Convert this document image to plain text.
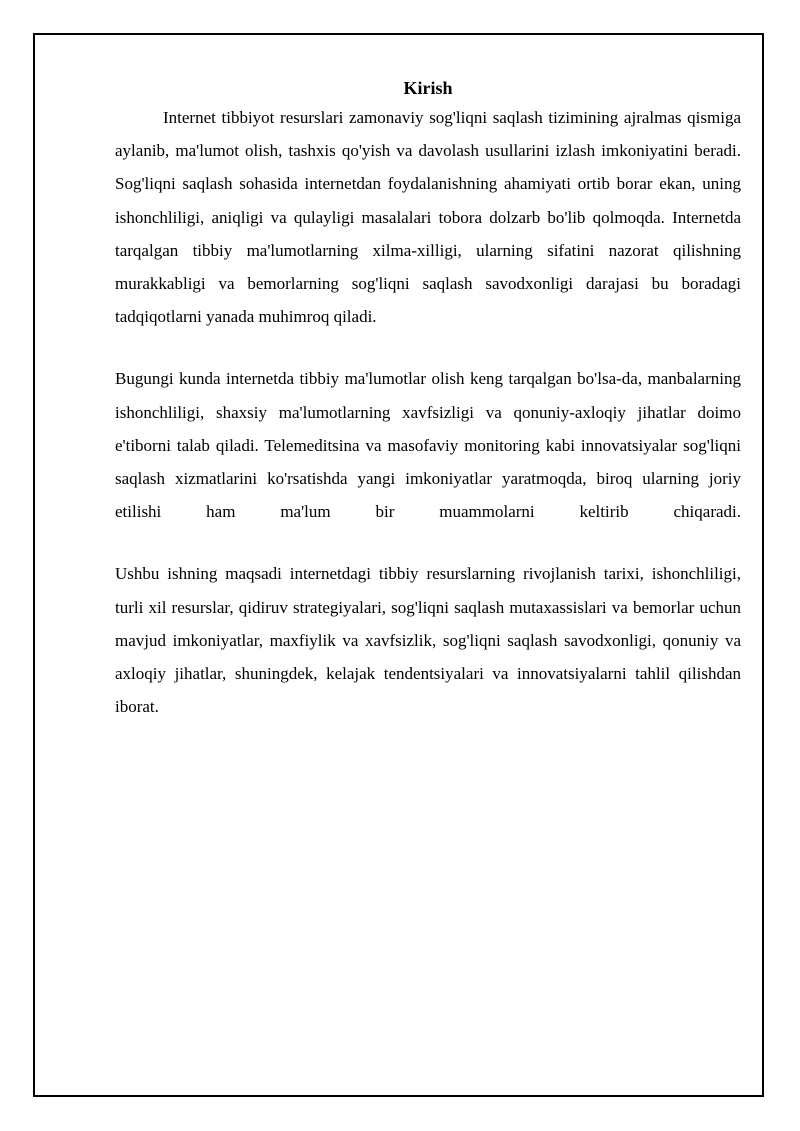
Kirish

Internet tibbiyot resurslari zamonaviy sog'liqni saqlash tizimining ajralmas qismiga aylanib, ma'lumot olish, tashxis qo'yish va davolash usullarini izlash imkoniyatini beradi. Sog'liqni saqlash sohasida internetdan foydalanishning ahamiyati ortib borar ekan, uning ishonchliligi, aniqligi va qulayligi masalalari tobora dolzarb bo'lib qolmoqda. Internetda tarqalgan tibbiy ma'lumotlarning xilma-xilligi, ularning sifatini nazorat qilishning murakkabligi va bemorlarning sog'liqni saqlash savodxonligi darajasi bu boradagi tadqiqotlarni yanada muhimroq qiladi.

Bugungi kunda internetda tibbiy ma'lumotlar olish keng tarqalgan bo'lsa-da, manbalarning ishonchliligi, shaxsiy ma'lumotlarning xavfsizligi va qonuniy-axloqiy jihatlar doimo e'tiborni talab qiladi. Telemeditsina va masofaviy monitoring kabi innovatsiyalar sog'liqni saqlash xizmatlarini ko'rsatishda yangi imkoniyatlar yaratmoqda, biroq ularning joriy etilishi ham ma'lum bir muammolarni keltirib chiqaradi.

Ushbu ishning maqsadi internetdagi tibbiy resurslarning rivojlanish tarixi, ishonchliligi, turli xil resurslar, qidiruv strategiyalari, sog'liqni saqlash mutaxassislari va bemorlar uchun mavjud imkoniyatlar, maxfiylik va xavfsizlik, sog'liqni saqlash savodxonligi, qonuniy va axloqiy jihatlar, shuningdek, kelajak tendentsiyalari va innovatsiyalarni tahlil qilishdan iborat.
